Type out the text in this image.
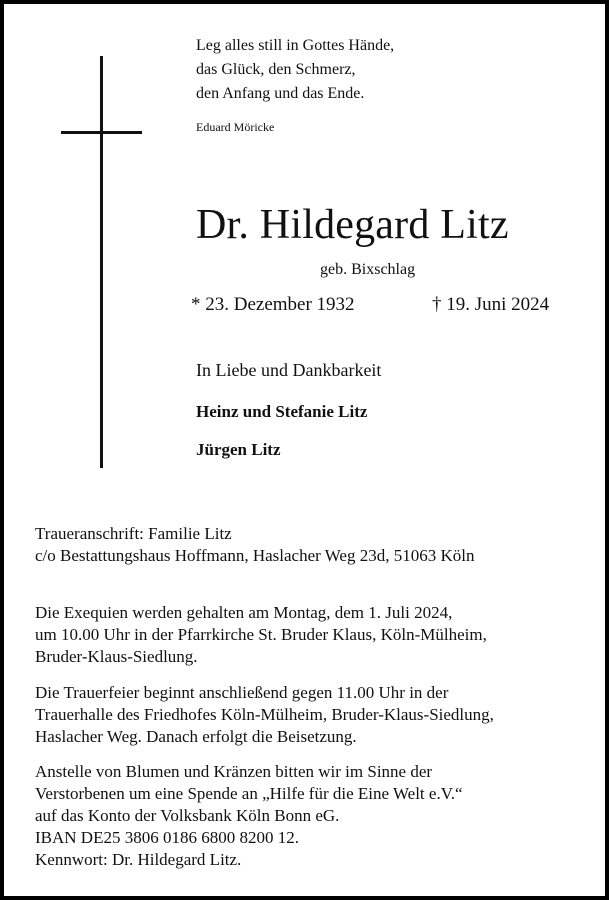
Leg alles still in Gottes Hände,
das Glück, den Schmerz,
den Anfang und das Ende.
Eduard Möricke
Dr. Hildegard Litz
geb. Bixschlag
* 23. Dezember 1932	† 19. Juni 2024
In Liebe und Dankbarkeit
Heinz und Stefanie Litz
Jürgen Litz
Traueranschrift: Familie Litz
c/o Bestattungshaus Hoffmann, Haslacher Weg 23d, 51063 Köln
Die Exequien werden gehalten am Montag, dem 1. Juli 2024,
um 10.00 Uhr in der Pfarrkirche St. Bruder Klaus, Köln-Mülheim,
Bruder-Klaus-Siedlung.
Die Trauerfeier beginnt anschließend gegen 11.00 Uhr in der
Trauerhalle des Friedhofes Köln-Mülheim, Bruder-Klaus-Siedlung,
Haslacher Weg. Danach erfolgt die Beisetzung.
Anstelle von Blumen und Kränzen bitten wir im Sinne der
Verstorbenen um eine Spende an „Hilfe für die Eine Welt e.V.“
auf das Konto der Volksbank Köln Bonn eG.
IBAN DE25 3806 0186 6800 8200 12.
Kennwort: Dr. Hildegard Litz.
